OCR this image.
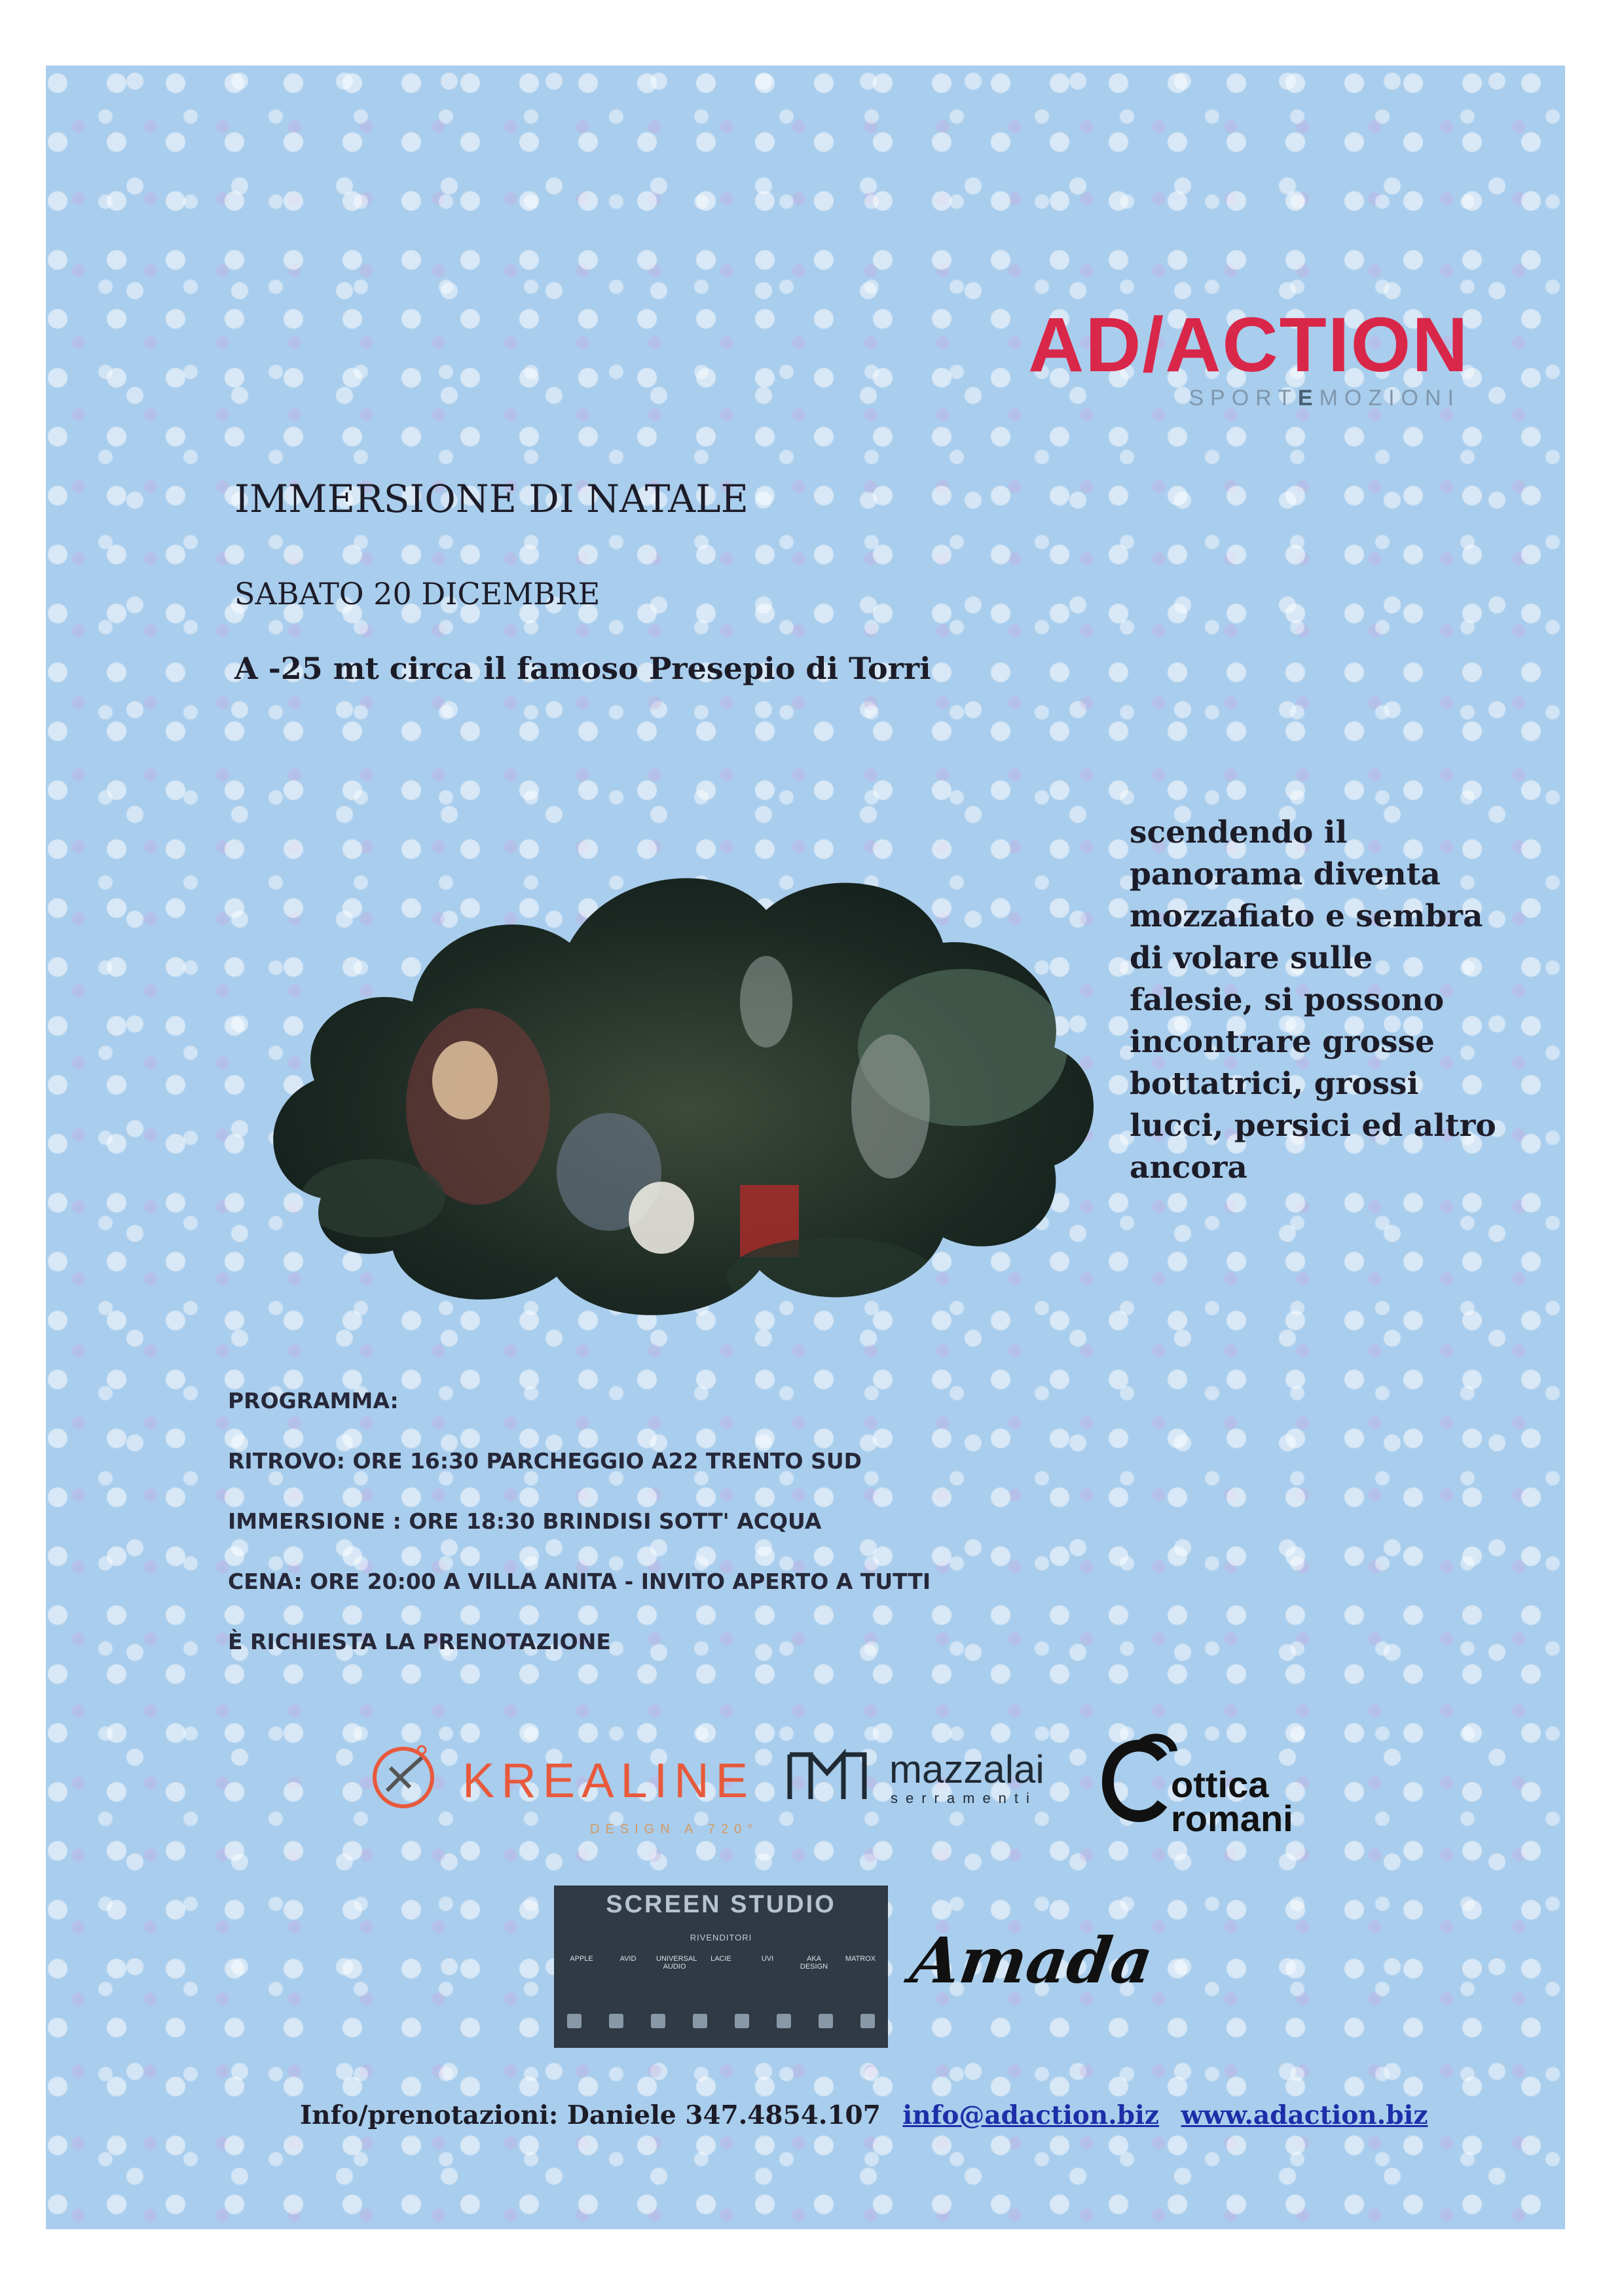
AD/ACTION
SPORTEMOZIONI
IMMERSIONE DI NATALE
SABATO 20 DICEMBRE
A -25 mt circa il famoso Presepio di Torri
scendendo il panorama diventa mozzafiato e sembra di volare sulle falesie, si possono incontrare grosse bottatrici, grossi lucci, persici ed altro ancora
PROGRAMMA:
RITROVO: ORE 16:30 PARCHEGGIO A22 TRENTO SUD
IMMERSIONE : ORE 18:30 BRINDISI SOTT' ACQUA
CENA: ORE 20:00 A VILLA ANITA - INVITO APERTO A TUTTI
È RICHIESTA LA PRENOTAZIONE
KREALINE
DESIGN A 720°
mazzalai
serramenti	ottica
romani
SCREEN STUDIO
RIVENDITORI
APPLE	AVID	UNIVERSAL AUDIO
LACIE	UVI	AKA DESIGN
MATROX Amada
Info/prenotazioni: Daniele 347.4854.107 info@adaction.biz www.adaction.biz
